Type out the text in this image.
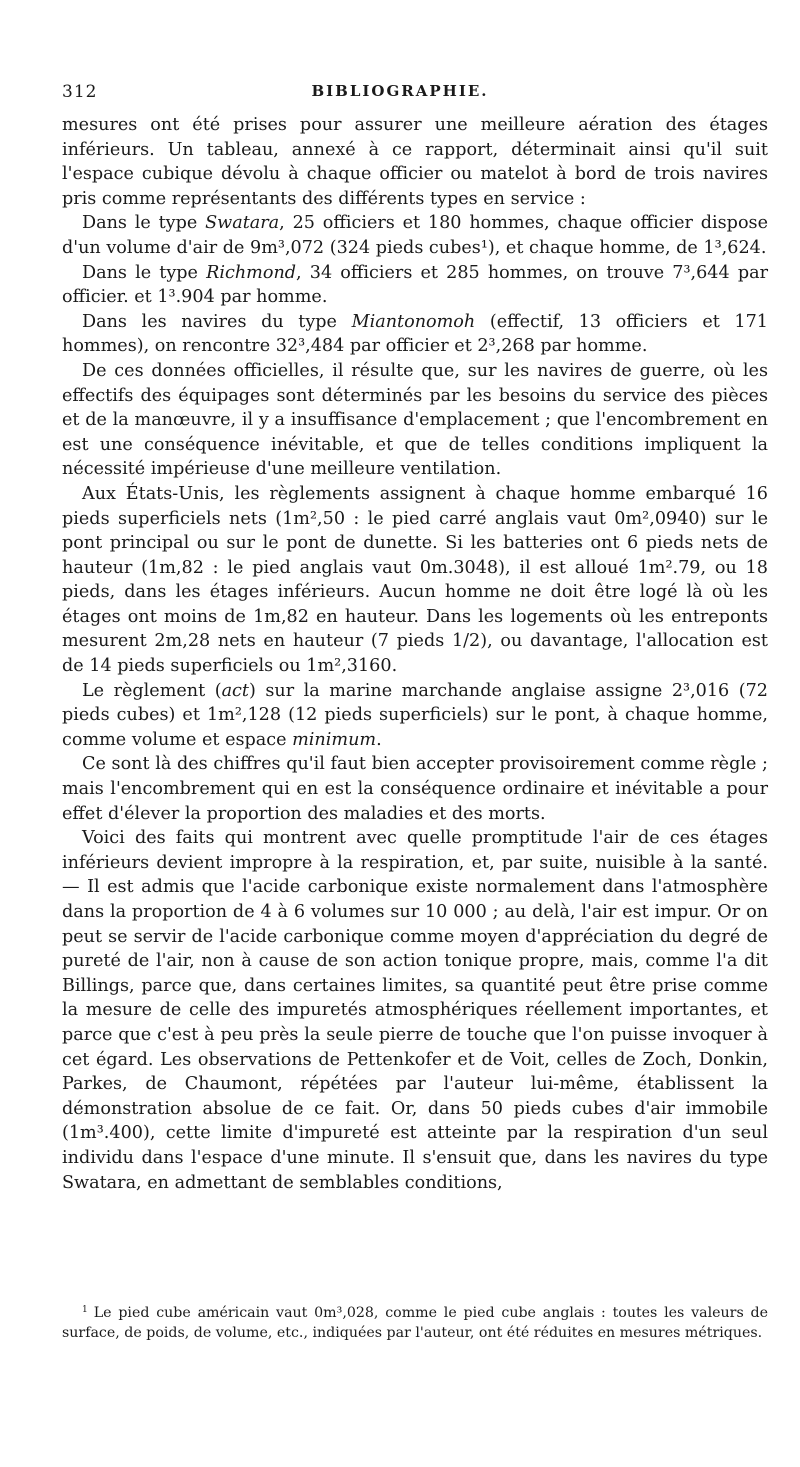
312	BIBLIOGRAPHIE.

mesures ont été prises pour assurer une meilleure aération des étages inférieurs. Un tableau, annexé à ce rapport, déterminait ainsi qu'il suit l'espace cubique dévolu à chaque officier ou matelot à bord de trois navires pris comme représentants des différents types en service :

Dans le type Swatara, 25 officiers et 180 hommes, chaque officier dispose d'un volume d'air de 9m³,072 (324 pieds cubes¹), et chaque homme, de 1³,624.

Dans le type Richmond, 34 officiers et 285 hommes, on trouve 7³,644 par officier. et 1³.904 par homme.

Dans les navires du type Miantonomoh (effectif, 13 officiers et 171 hommes), on rencontre 32³,484 par officier et 2³,268 par homme.

De ces données officielles, il résulte que, sur les navires de guerre, où les effectifs des équipages sont déterminés par les besoins du service des pièces et de la manœuvre, il y a insuffisance d'emplacement ; que l'encombrement en est une conséquence inévitable, et que de telles conditions impliquent la nécessité impérieuse d'une meilleure ventilation.

Aux États-Unis, les règlements assignent à chaque homme embarqué 16 pieds superficiels nets (1m²,50 : le pied carré anglais vaut 0m²,0940) sur le pont principal ou sur le pont de dunette. Si les batteries ont 6 pieds nets de hauteur (1m,82 : le pied anglais vaut 0m.3048), il est alloué 1m².79, ou 18 pieds, dans les étages inférieurs. Aucun homme ne doit être logé là où les étages ont moins de 1m,82 en hauteur. Dans les logements où les entreponts mesurent 2m,28 nets en hauteur (7 pieds 1/2), ou davantage, l'allocation est de 14 pieds superficiels ou 1m²,3160.

Le règlement (act) sur la marine marchande anglaise assigne 2³,016 (72 pieds cubes) et 1m²,128 (12 pieds superficiels) sur le pont, à chaque homme, comme volume et espace minimum.

Ce sont là des chiffres qu'il faut bien accepter provisoirement comme règle ; mais l'encombrement qui en est la conséquence ordinaire et inévitable a pour effet d'élever la proportion des maladies et des morts.

Voici des faits qui montrent avec quelle promptitude l'air de ces étages inférieurs devient impropre à la respiration, et, par suite, nuisible à la santé. — Il est admis que l'acide carbonique existe normalement dans l'atmosphère dans la proportion de 4 à 6 volumes sur 10 000 ; au delà, l'air est impur. Or on peut se servir de l'acide carbonique comme moyen d'appréciation du degré de pureté de l'air, non à cause de son action tonique propre, mais, comme l'a dit Billings, parce que, dans certaines limites, sa quantité peut être prise comme la mesure de celle des impuretés atmosphériques réellement importantes, et parce que c'est à peu près la seule pierre de touche que l'on puisse invoquer à cet égard. Les observations de Pettenkofer et de Voit, celles de Zoch, Donkin, Parkes, de Chaumont, répétées par l'auteur lui-même, établissent la démonstration absolue de ce fait. Or, dans 50 pieds cubes d'air immobile (1m³.400), cette limite d'impureté est atteinte par la respiration d'un seul individu dans l'espace d'une minute. Il s'ensuit que, dans les navires du type Swatara, en admettant de semblables conditions,

$^1$ Le pied cube américain vaut 0m³,028, comme le pied cube anglais : toutes les valeurs de surface, de poids, de volume, etc., indiquées par l'auteur, ont été réduites en mesures métriques.
